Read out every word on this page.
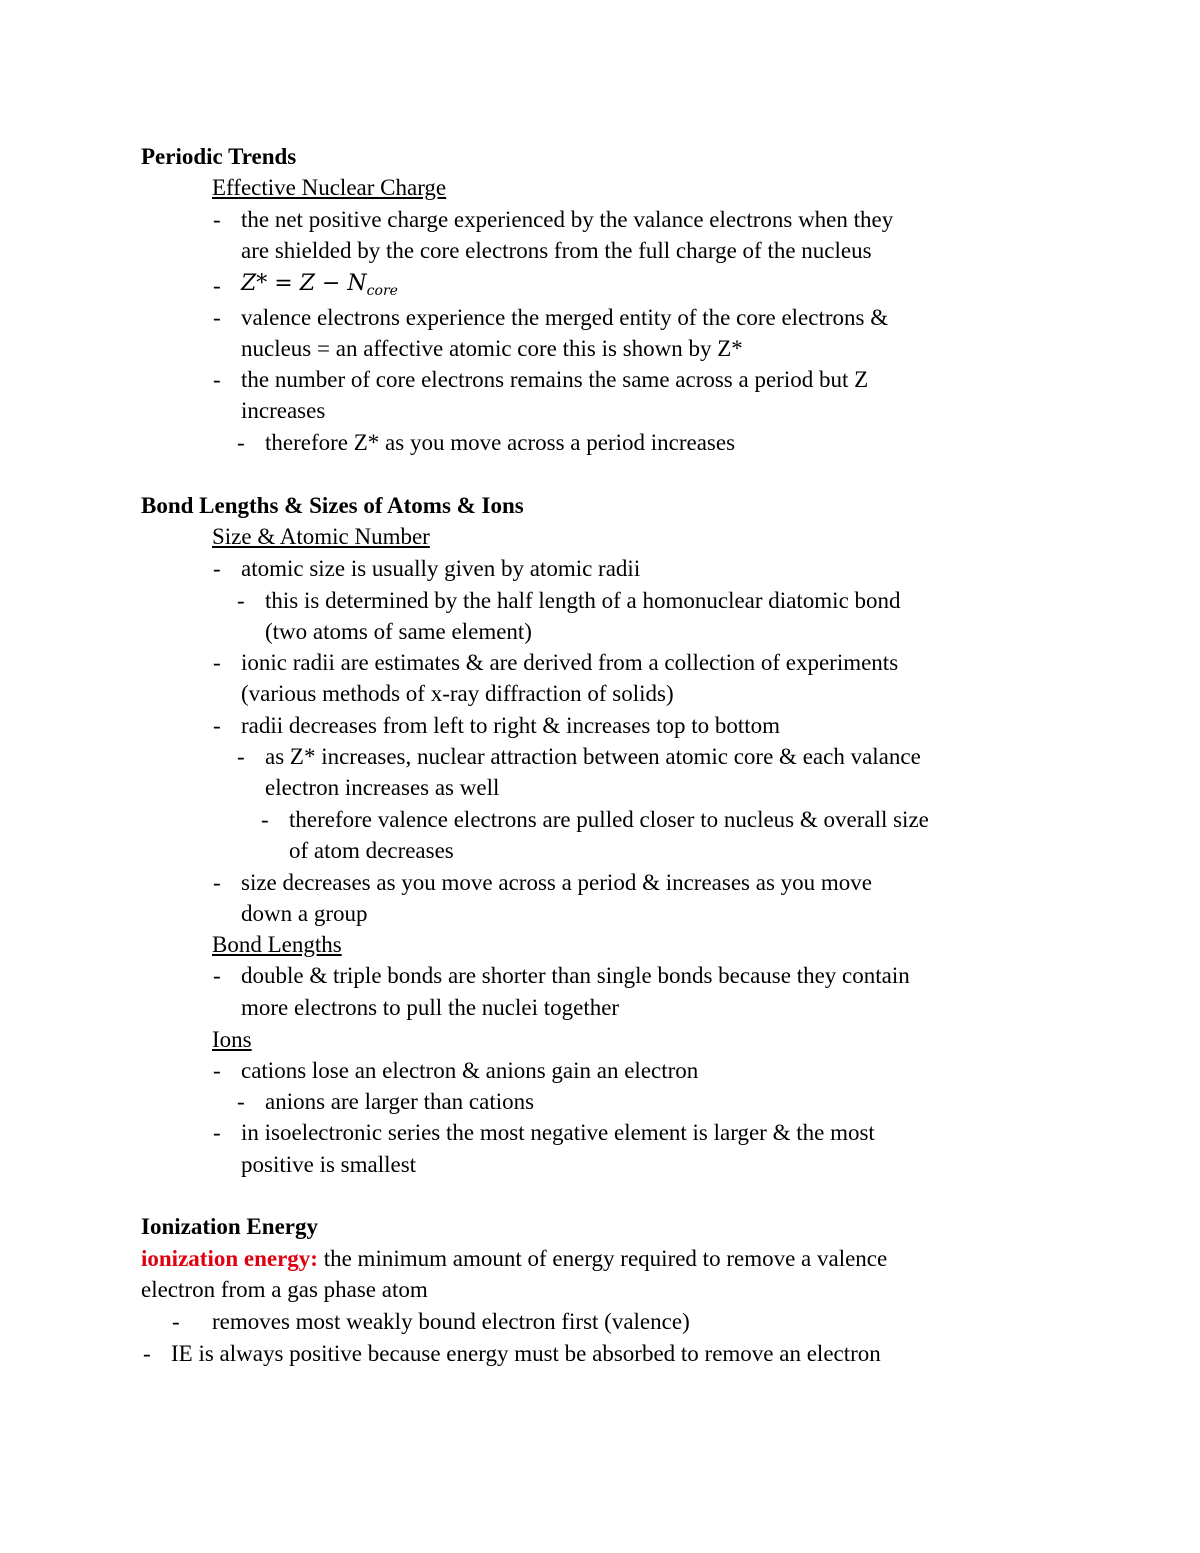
Periodic Trends
Effective Nuclear Charge
- the net positive charge experienced by the valance electrons when they
are shielded by the core electrons from the full charge of the nucleus
- $Z* = Z - N_{core}$
- valence electrons experience the merged entity of the core electrons &
nucleus = an affective atomic core this is shown by Z*
- the number of core electrons remains the same across a period but Z
increases
- therefore Z* as you move across a period increases
Bond Lengths & Sizes of Atoms & Ions
Size & Atomic Number
- atomic size is usually given by atomic radii
- this is determined by the half length of a homonuclear diatomic bond
(two atoms of same element)
- ionic radii are estimates & are derived from a collection of experiments
(various methods of x-ray diffraction of solids)
- radii decreases from left to right & increases top to bottom
- as Z* increases, nuclear attraction between atomic core & each valance
electron increases as well
- therefore valence electrons are pulled closer to nucleus & overall size
of atom decreases
- size decreases as you move across a period & increases as you move
down a group
Bond Lengths
- double & triple bonds are shorter than single bonds because they contain
more electrons to pull the nuclei together
Ions
- cations lose an electron & anions gain an electron
- anions are larger than cations
- in isoelectronic series the most negative element is larger & the most
positive is smallest
Ionization Energy
ionization energy: the minimum amount of energy required to remove a valence
electron from a gas phase atom
- removes most weakly bound electron first (valence)
- IE is always positive because energy must be absorbed to remove an electron
